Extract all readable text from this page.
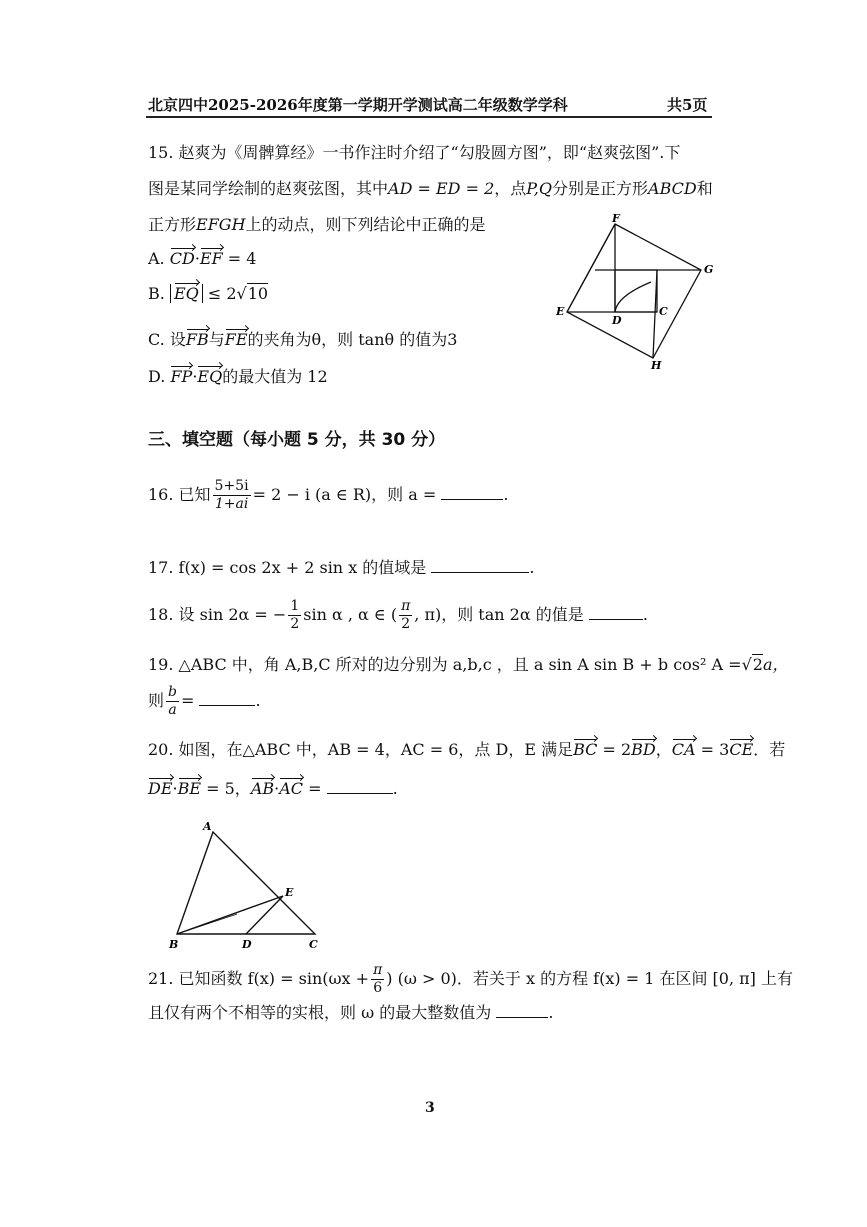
北京四中2025-2026年度第一学期开学测试高二年级数学学科	共5页
15. 赵爽为《周髀算经》一书作注时介绍了“勾股圆方图”，即“赵爽弦图”.下
图是某同学绘制的赵爽弦图，其中AD = ED = 2，点P,Q分别是正方形ABCD和
正方形EFGH上的动点，则下列结论中正确的是
A. CD·EF = 4
B. EQ ≤ 2√10
C. 设FB与FE的夹角为θ，则 tanθ 的值为3
D. FP·EQ的最大值为 12
F
G
E
D
C
H
三、填空题（每小题 5 分，共 30 分）
16. 已知 $\frac{5+5i}{1+ai} = 2 - i$ (a ∈ R)，则 a =	.
17. f(x) = cos 2x + 2 sin x 的值域是	.
18. 设 sin 2α = − $\frac{1}{2}$ sin α , α ∈ ( $\frac{\pi}{2}$ , π)，则 tan 2α 的值是	.
19. △ABC 中，角 A,B,C 所对的边分别为 a,b,c ，且 a sin A sin B + b cos² A =√2a，
则 $\frac{b}{a}$ =	.
20. 如图，在△ABC 中，AB = 4，AC = 6，点 D，E 满足BC = 2BD，CA = 3CE．若
DE·BE = 5，AB·AC =	.
A
B	C
D
E
21. 已知函数 $f(x) = \sin(\omega x + \frac{\pi}{6}$ ) (ω > 0)．若关于 x 的方程 f(x) = 1 在区间 [0, π] 上有
且仅有两个不相等的实根，则 ω 的最大整数值为	.
3
